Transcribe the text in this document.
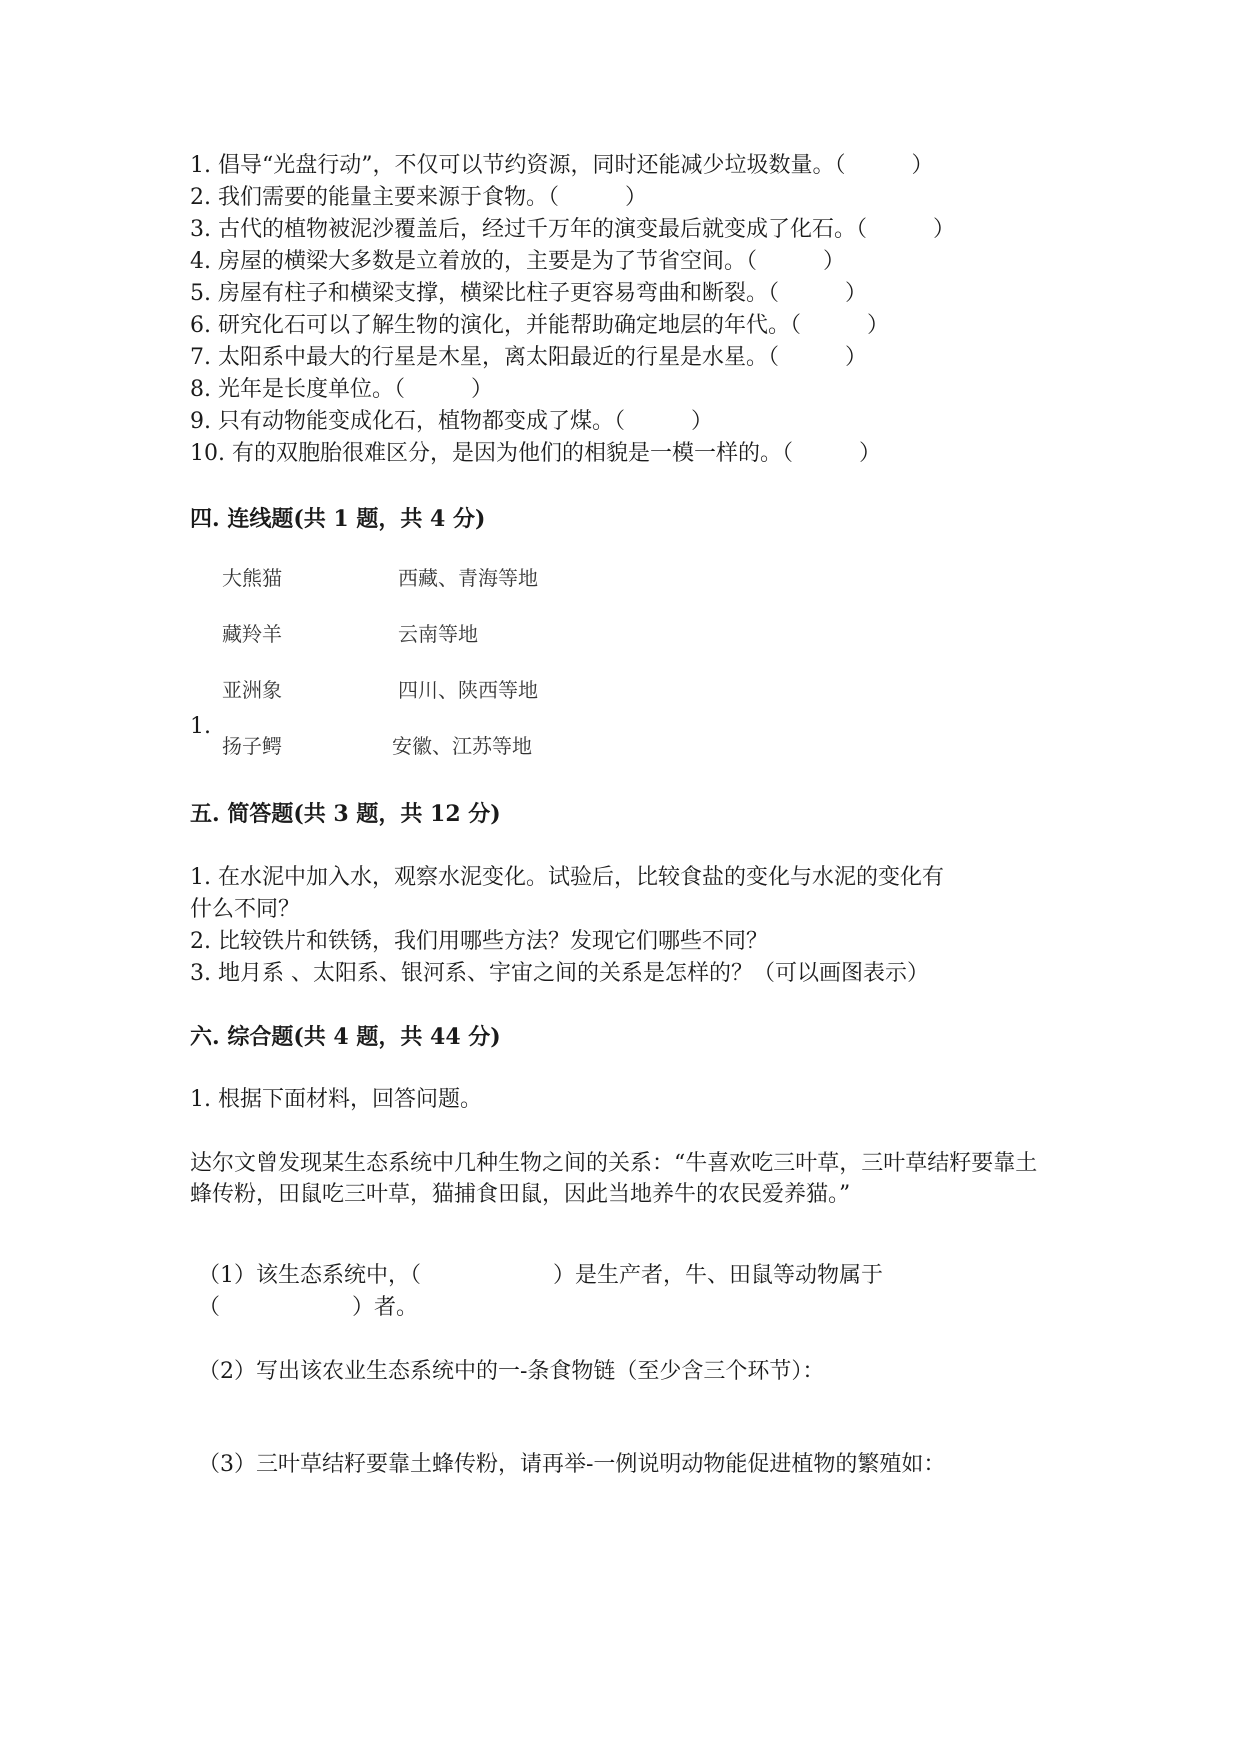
1. 倡导“光盘行动”，不仅可以节约资源，同时还能减少垃圾数量。（　　　）
2. 我们需要的能量主要来源于食物。（　　　）
3. 古代的植物被泥沙覆盖后，经过千万年的演变最后就变成了化石。（　　　）
4. 房屋的横梁大多数是立着放的，主要是为了节省空间。（　　　）
5. 房屋有柱子和横梁支撑，横梁比柱子更容易弯曲和断裂。（　　　）
6. 研究化石可以了解生物的演化，并能帮助确定地层的年代。（　　　）
7. 太阳系中最大的行星是木星，离太阳最近的行星是水星。（　　　）
8. 光年是长度单位。（　　　）
9. 只有动物能变成化石，植物都变成了煤。（　　　）
10. 有的双胞胎很难区分，是因为他们的相貌是一模一样的。（　　　）
四. 连线题(共 1 题，共 4 分)
大熊猫
藏羚羊
亚洲象
扬子鳄
西藏、青海等地
云南等地
四川、陕西等地
安徽、江苏等地
1.
五. 简答题(共 3 题，共 12 分)
1. 在水泥中加入水，观察水泥变化。试验后，比较食盐的变化与水泥的变化有
什么不同？
2. 比较铁片和铁锈，我们用哪些方法？发现它们哪些不同？
3. 地月系 、太阳系、银河系、宇宙之间的关系是怎样的？（可以画图表示）
六. 综合题(共 4 题，共 44 分)
1. 根据下面材料，回答问题。
达尔文曾发现某生态系统中几种生物之间的关系：“牛喜欢吃三叶草，三叶草结籽要靠土蜂传粉，田鼠吃三叶草，猫捕食田鼠，因此当地养牛的农民爱养猫。”
（1）该生态系统中，（　　　　　　）是生产者，牛、田鼠等动物属于
（　　　　　　）者。
（2）写出该农业生态系统中的一-条食物链（至少含三个环节）：
（3）三叶草结籽要靠土蜂传粉，请再举-一例说明动物能促进植物的繁殖如：
